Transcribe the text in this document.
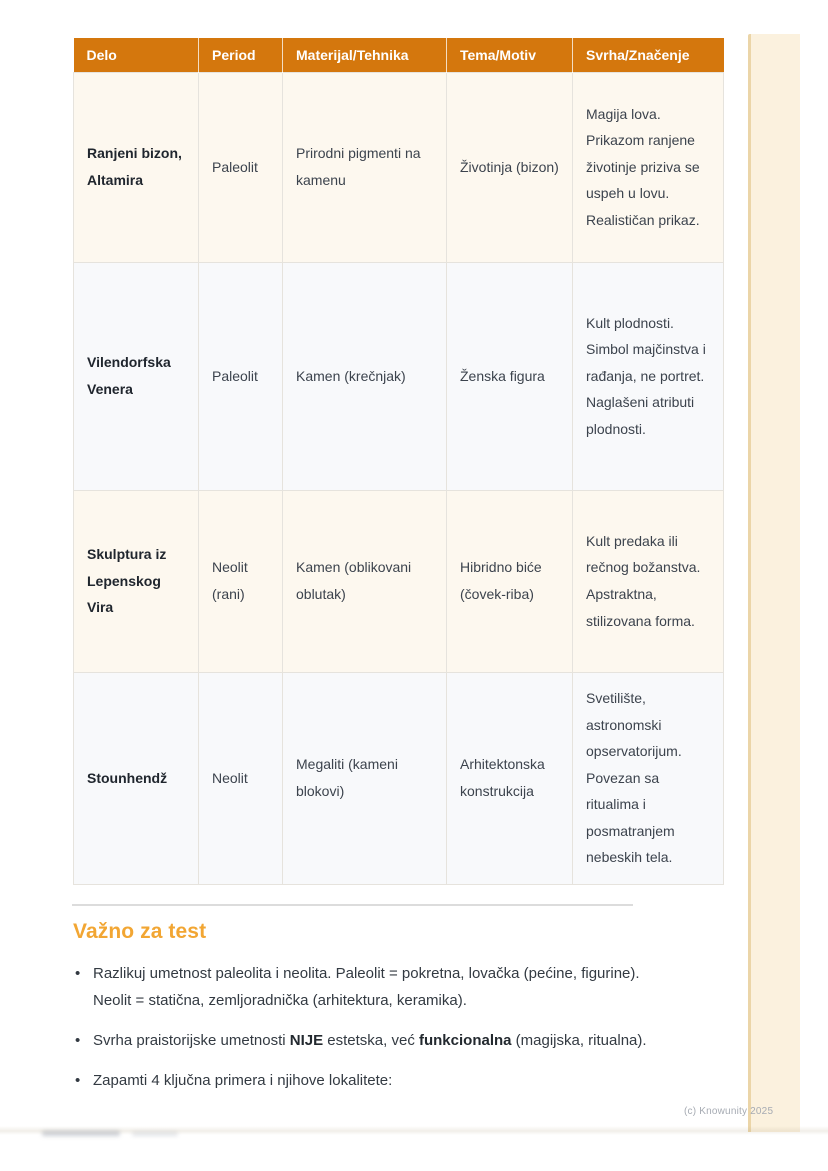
Delo	Period	Materijal/Tehnika	Tema/Motiv	Svrha/Značenje
Ranjeni bizon, Altamira	Paleolit	Prirodni pigmenti na kamenu	Životinja (bizon)	Magija lova. Prikazom ranjene životinje priziva se uspeh u lovu. Realističan prikaz.
Vilendorfska Venera	Paleolit	Kamen (krečnjak)	Ženska figura	Kult plodnosti. Simbol majčinstva i rađanja, ne portret. Naglašeni atributi plodnosti.
Skulptura iz Lepenskog Vira	Neolit (rani)	Kamen (oblikovani oblutak)	Hibridno biće (čovek-riba)	Kult predaka ili rečnog božanstva. Apstraktna, stilizovana forma.
Stounhendž	Neolit	Megaliti (kameni blokovi)	Arhitektonska konstrukcija	Svetilište, astronomski opservatorijum. Povezan sa ritualima i posmatranjem nebeskih tela.
Važno za test
• Razlikuj umetnost paleolita i neolita. Paleolit = pokretna, lovačka (pećine, figurine). Neolit = statična, zemljoradnička (arhitektura, keramika).
• Svrha praistorijske umetnosti NIJE estetska, već funkcionalna (magijska, ritualna).
• Zapamti 4 ključna primera i njihove lokalitete:
(c) Knowunity 2025
